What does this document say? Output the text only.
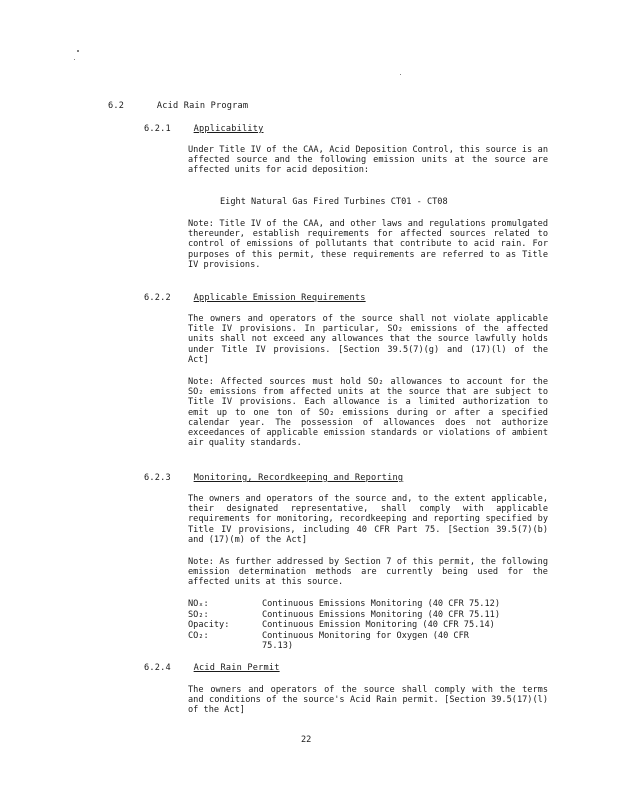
6.2	Acid Rain Program
6.2.1	Applicability
Under Title IV of the CAA, Acid Deposition Control, this source is an affected source and the following emission units at the source are affected units for acid deposition:
Eight Natural Gas Fired Turbines CT01 - CT08
Note: Title IV of the CAA, and other laws and regulations promulgated thereunder, establish requirements for affected sources related to control of emissions of pollutants that contribute to acid rain. For purposes of this permit, these requirements are referred to as Title IV provisions.
6.2.2	Applicable Emission Requirements
The owners and operators of the source shall not violate applicable Title IV provisions. In particular, SO₂ emissions of the affected units shall not exceed any allowances that the source lawfully holds under Title IV provisions. [Section 39.5(7)(g) and (17)(l) of the Act]
Note: Affected sources must hold SO₂ allowances to account for the SO₂ emissions from affected units at the source that are subject to Title IV provisions. Each allowance is a limited authorization to emit up to one ton of SO₂ emissions during or after a specified calendar year. The possession of allowances does not authorize exceedances of applicable emission standards or violations of ambient air quality standards.
6.2.3	Monitoring, Recordkeeping and Reporting
The owners and operators of the source and, to the extent applicable, their designated representative, shall comply with applicable requirements for monitoring, recordkeeping and reporting specified by Title IV provisions, including 40 CFR Part 75. [Section 39.5(7)(b) and (17)(m) of the Act]
Note: As further addressed by Section 7 of this permit, the following emission determination methods are currently being used for the affected units at this source.
NOₓ:	Continuous Emissions Monitoring (40 CFR 75.12)
SO₂:	Continuous Emissions Monitoring (40 CFR 75.11)
Opacity:	Continuous Emission Monitoring (40 CFR 75.14)
CO₂:	Continuous Monitoring for Oxygen (40 CFR 75.13)
6.2.4	Acid Rain Permit
The owners and operators of the source shall comply with the terms and conditions of the source's Acid Rain permit. [Section 39.5(17)(l) of the Act]
22
